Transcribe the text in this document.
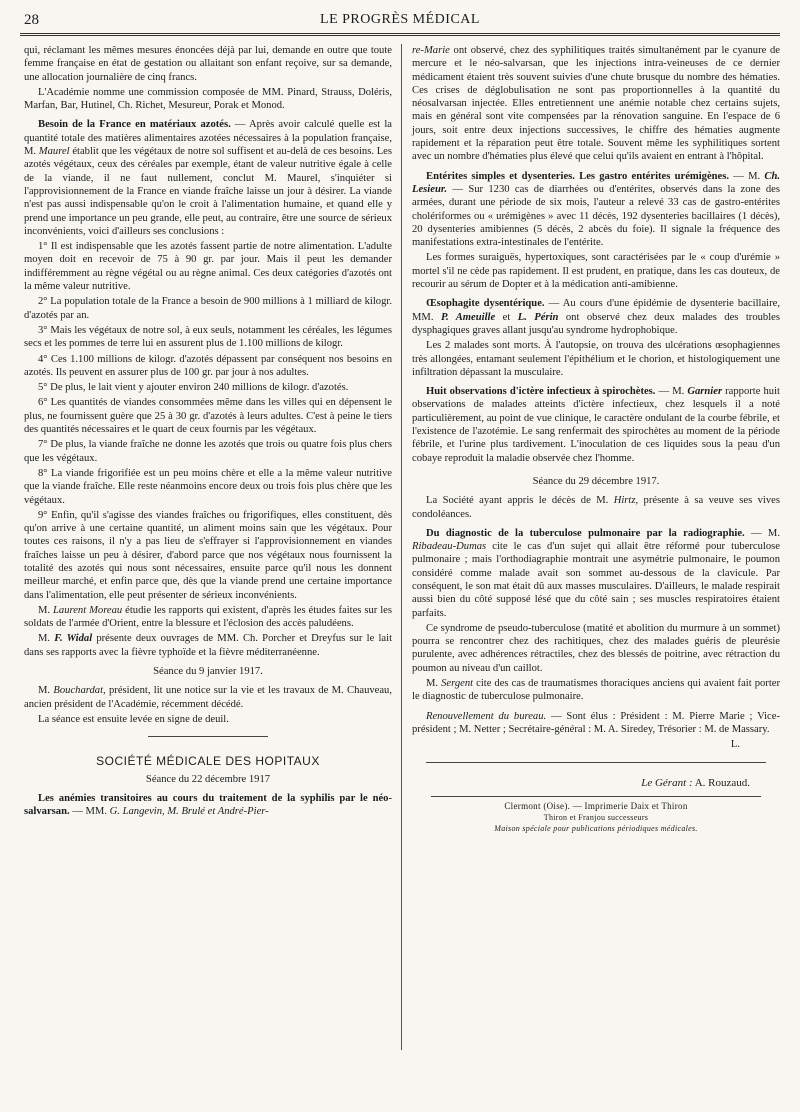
28	LE PROGRÈS MÉDICAL

qui, réclamant les mêmes mesures énoncées déjà par lui, demande en outre que toute femme française en état de gestation ou allaitant son enfant reçoive, sur sa demande, une allocation journalière de cinq francs.

L'Académie nomme une commission composée de MM. Pinard, Strauss, Doléris, Marfan, Bar, Hutinel, Ch. Richet, Mesureur, Porak et Monod.

Besoin de la France en matériaux azotés. — Après avoir calculé quelle est la quantité totale des matières alimentaires azotées nécessaires à la population française, M. Maurel établit que les végétaux de notre sol suffisent et au-delà de ces besoins. Les azotés végétaux, ceux des céréales par exemple, étant de valeur nutritive égale à celle de la viande, il ne faut nullement, conclut M. Maurel, s'inquiéter si l'approvisionnement de la France en viande fraîche laisse un jour à désirer. La viande n'est pas aussi indispensable qu'on le croit à l'alimentation humaine, et quand elle y prend une importance un peu grande, elle peut, au contraire, être une source de sérieux inconvénients, voici d'ailleurs ses conclusions :

1° Il est indispensable que les azotés fassent partie de notre alimentation. L'adulte moyen doit en recevoir de 75 à 90 gr. par jour. Mais il peut les demander indifféremment au règne végétal ou au règne animal. Ces deux catégories d'azotés ont la même valeur nutritive.

2° La population totale de la France a besoin de 900 millions à 1 milliard de kilogr. d'azotés par an.

3° Mais les végétaux de notre sol, à eux seuls, notamment les céréales, les légumes secs et les pommes de terre lui en assurent plus de 1.100 millions de kilogr.

4° Ces 1.100 millions de kilogr. d'azotés dépassent par conséquent nos besoins en azotés. Ils peuvent en assurer plus de 100 gr. par jour à nos adultes.

5° De plus, le lait vient y ajouter environ 240 millions de kilogr. d'azotés.

6° Les quantités de viandes consommées même dans les villes qui en dépensent le plus, ne fournissent guère que 25 à 30 gr. d'azotés à leurs adultes. C'est à peine le tiers des quantités nécessaires et le quart de ceux fournis par les végétaux.

7° De plus, la viande fraîche ne donne les azotés que trois ou quatre fois plus chers que les végétaux.

8° La viande frigorifiée est un peu moins chère et elle a la même valeur nutritive que la viande fraîche. Elle reste néanmoins encore deux ou trois fois plus chère que les végétaux.

9° Enfin, qu'il s'agisse des viandes fraîches ou frigorifiques, elles constituent, dès qu'on arrive à une certaine quantité, un aliment moins sain que les végétaux. Pour toutes ces raisons, il n'y a pas lieu de s'effrayer si l'approvisionnement en viandes fraîches laisse un peu à désirer, d'abord parce que nos végétaux nous fournissent la totalité des azotés qui nous sont nécessaires, ensuite parce qu'il nous les donnent meilleur marché, et enfin parce que, dès que la viande prend une certaine importance dans l'alimentation, elle peut présenter de sérieux inconvénients.

M. Laurent Moreau étudie les rapports qui existent, d'après les études faites sur les soldats de l'armée d'Orient, entre la blessure et l'éclosion des accès paludéens.

M. F. Widal présente deux ouvrages de MM. Ch. Porcher et Dreyfus sur le lait dans ses rapports avec la fièvre typhoïde et la fièvre méditerranéenne.

Séance du 9 janvier 1917.

M. Bouchardat, président, lit une notice sur la vie et les travaux de M. Chauveau, ancien président de l'Académie, récemment décédé.

La séance est ensuite levée en signe de deuil.

SOCIÉTÉ MÉDICALE DES HOPITAUX

Séance du 22 décembre 1917

Les anémies transitoires au cours du traitement de la syphilis par le néo-salvarsan. — MM. G. Langevin, M. Brulé et André-Pier-

re-Marie ont observé, chez des syphilitiques traités simultanément par le cyanure de mercure et le néo-salvarsan, que les injections intra-veineuses de ce dernier médicament étaient très souvent suivies d'une chute brusque du nombre des hématies. Ces crises de déglobulisation ne sont pas proportionnelles à la quantité du néosalvarsan injectée. Elles entretiennent une anémie notable chez certains sujets, mais en général sont vite compensées par la rénovation sanguine. En l'espace de 6 jours, soit entre deux injections successives, le chiffre des hématies augmente rapidement et la réparation peut être totale. Souvent même les syphilitiques sortent avec un nombre d'hématies plus élevé que celui qu'ils avaient en entrant à l'hôpital.

Entérites simples et dysenteries. Les gastro entérites urémigènes. — M. Ch. Lesieur. — Sur 1230 cas de diarrhées ou d'entérites, observés dans la zone des armées, durant une période de six mois, l'auteur a relevé 33 cas de gastro-entérites cholériformes ou « urémigènes » avec 11 décès, 192 dysenteries bacillaires (1 décès), 20 dysenteries amibiennes (5 décès, 2 abcès du foie). Il signale la fréquence des manifestations extra-intestinales de l'entérite.

Les formes suraiguës, hypertoxiques, sont caractérisées par le « coup d'urémie » mortel s'il ne cède pas rapidement. Il est prudent, en pratique, dans les cas douteux, de recourir au sérum de Dopter et à la médication anti-amibienne.

Œsophagite dysentérique. — Au cours d'une épidémie de dysenterie bacillaire, MM. P. Ameuille et L. Périn ont observé chez deux malades des troubles dysphagiques graves allant jusqu'au syndrome hydrophobique.

Les 2 malades sont morts. À l'autopsie, on trouva des ulcérations œsophagiennes très allongées, entamant seulement l'épithélium et le chorion, et histologiquement une infiltration dépassant la musculaire.

Huit observations d'ictère infectieux à spirochètes. — M. Garnier rapporte huit observations de malades atteints d'ictère infectieux, chez lesquels il a noté particulièrement, au point de vue clinique, le caractère ondulant de la courbe fébrile, et l'existence de l'azotémie. Le sang renfermait des spirochètes au moment de la période fébrile, et l'urine plus tardivement. L'inoculation de ces liquides sous la peau d'un cobaye reproduit la maladie observée chez l'homme.

Séance du 29 décembre 1917.

La Société ayant appris le décès de M. Hirtz, présente à sa veuve ses vives condoléances.

Du diagnostic de la tuberculose pulmonaire par la radiographie. — M. Ribadeau-Dumas cite le cas d'un sujet qui allait être réformé pour tuberculose pulmonaire ; mais l'orthodiagraphie montrait une asymétrie pulmonaire, le poumon considéré comme malade avait son sommet au-dessous de la clavicule. Par conséquent, le son mat était dû aux masses musculaires. D'ailleurs, le malade respirait aussi bien du côté supposé lésé que du côté sain ; ses muscles respiratoires étaient parfaits.

Ce syndrome de pseudo-tuberculose (matité et abolition du murmure à un sommet) pourra se rencontrer chez des rachitiques, chez des malades guéris de pleurésie purulente, avec adhérences rétractiles, chez des blessés de poitrine, avec rétraction du poumon au niveau d'un caillot.

M. Sergent cite des cas de traumatismes thoraciques anciens qui avaient fait porter le diagnostic de tuberculose pulmonaire.

Renouvellement du bureau. — Sont élus : Président : M. Pierre Marie ; Vice-président ; M. Netter ; Secrétaire-général : M. A. Siredey, Trésorier : M. de Massary.

L.

Le Gérant : A. Rouzaud.

Clermont (Oise). — Imprimerie Daix et Thiron

Thiron et Franjou successeurs

Maison spéciale pour publications périodiques médicales.
